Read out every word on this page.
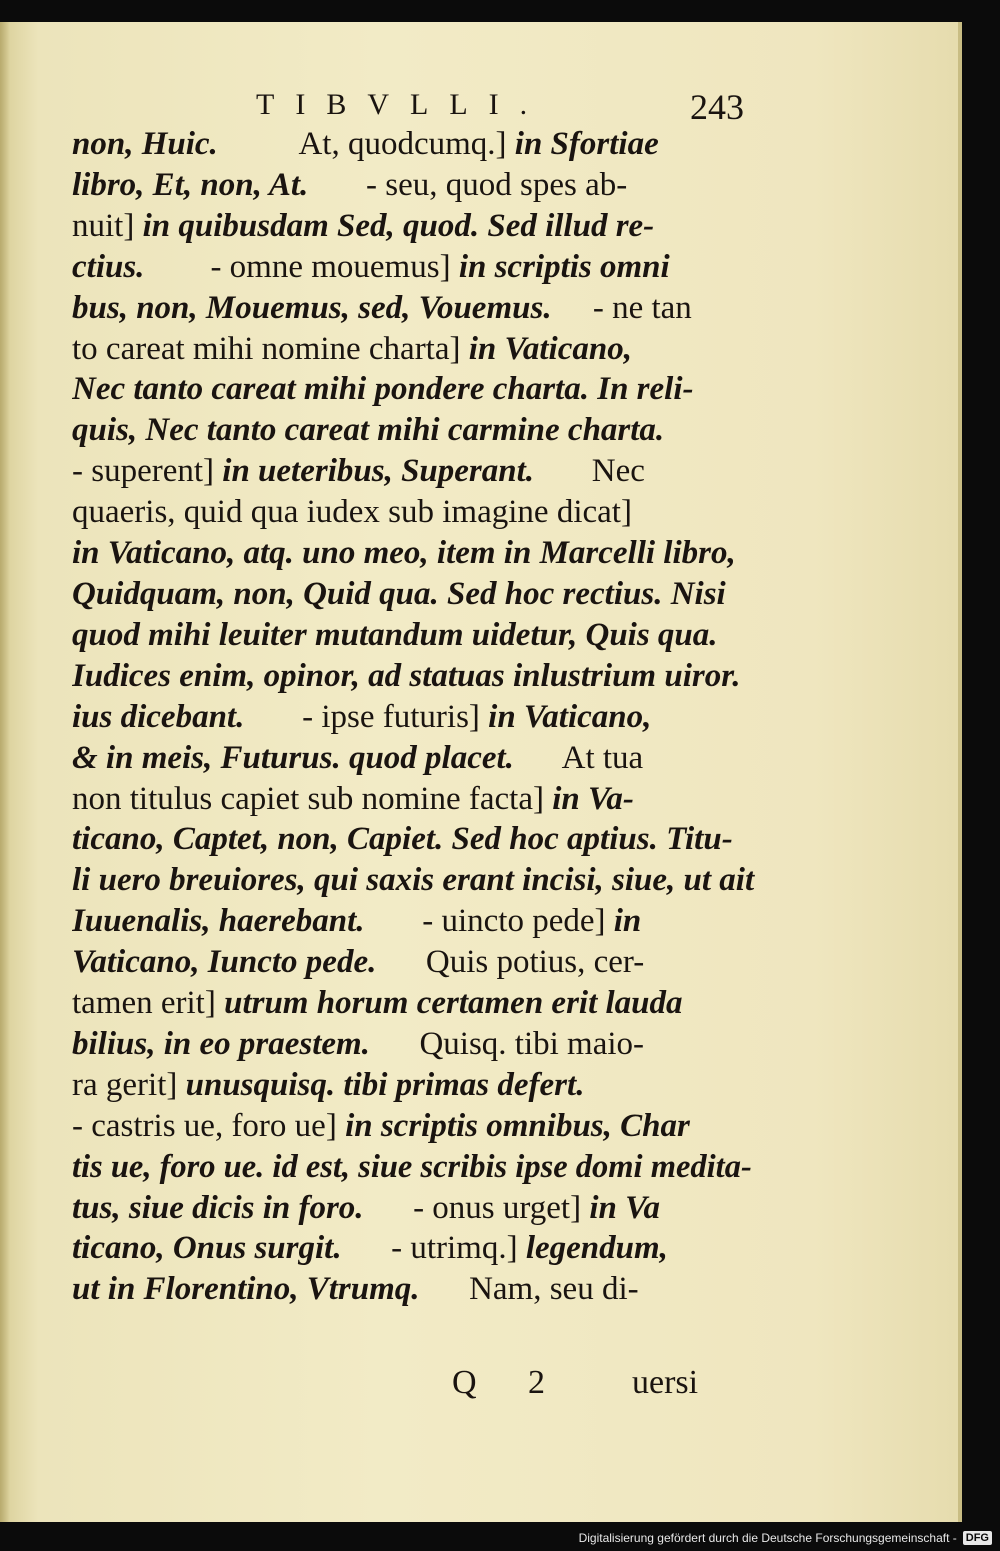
TIBVLLI.	243
non, Huic.          At, quodcumq.] in Sfortiae
libro, Et, non, At.       - seu, quod spes ab-
nuit] in quibusdam Sed, quod. Sed illud re-
ctius.        - omne mouemus] in scriptis omni
bus, non, Mouemus, sed, Vouemus.     - ne tan
to careat mihi nomine charta] in Vaticano,
Nec tanto careat mihi pondere charta. In reli-
quis, Nec tanto careat mihi carmine charta.
- superent] in ueteribus, Superant.       Nec
quaeris, quid qua iudex sub imagine dicat]
in Vaticano, atq. uno meo, item in Marcelli libro,
Quidquam, non, Quid qua. Sed hoc rectius. Nisi
quod mihi leuiter mutandum uidetur, Quis qua.
Iudices enim, opinor, ad statuas inlustrium uiror.
ius dicebant.       - ipse futuris] in Vaticano,
& in meis, Futurus. quod placet.      At tua
non titulus capiet sub nomine facta] in Va-
ticano, Captet, non, Capiet. Sed hoc aptius. Titu-
li uero breuiores, qui saxis erant incisi, siue, ut ait
Iuuenalis, haerebant.       - uincto pede] in
Vaticano, Iuncto pede.      Quis potius, cer-
tamen erit] utrum horum certamen erit lauda
bilius, in eo praestem.      Quisq. tibi maio-
ra gerit] unusquisq. tibi primas defert.
- castris ue, foro ue] in scriptis omnibus, Char
tis ue, foro ue. id est, siue scribis ipse domi medita-
tus, siue dicis in foro.      - onus urget] in Va
ticano, Onus surgit.      - utrimq.] legendum,
ut in Florentino, Vtrumq.      Nam, seu di-
Q 2	uersi
Digitalisierung gefördert durch die Deutsche Forschungsgemeinschaft - DFG
